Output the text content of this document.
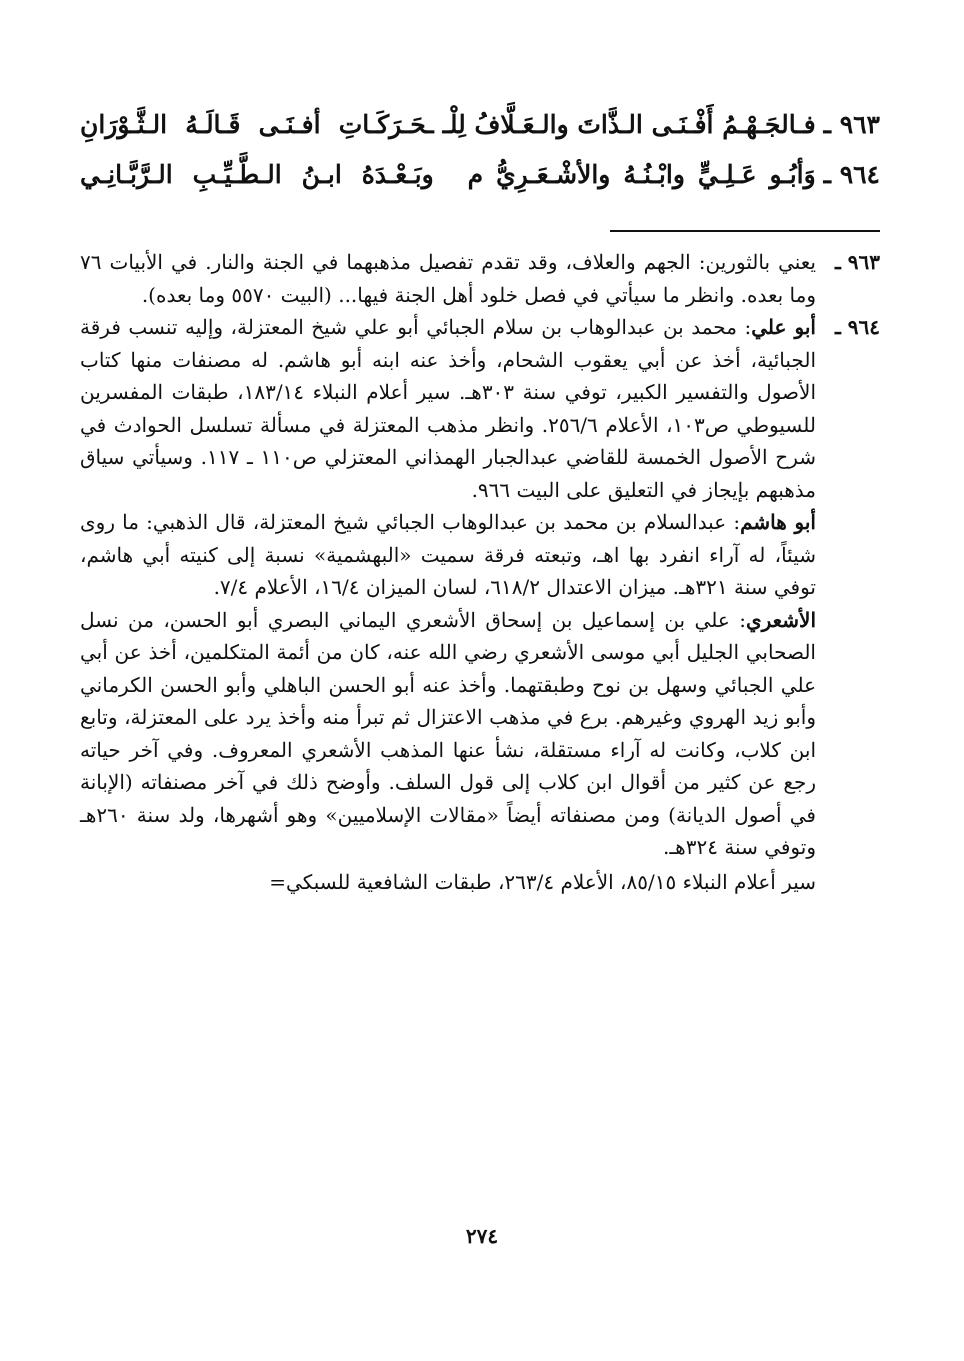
٩٦٣ ـ
فـالجَـهْـمُ أَفْـنَـى الـذَّاتَ والـعَـلَّافُ لِلْـ
ـحَـرَكَـاتِ أفـنَـى قَـالَـهُ الـثَّـوْرَانِ
٩٦٤ ـ
وَأبُـو عَـلِـيٍّ وابْـنُـهُ والأشْـعَـرِيُّ م
وبَـعْـدَهُ ابـنُ الـطَّـيِّـبِ الـرَّبَّـانِـي
٩٦٣ ـ

يعني بالثورين: الجهم والعلاف، وقد تقدم تفصيل مذهبهما في الجنة والنار. في الأبيات ٧٦ وما بعده. وانظر ما سيأتي في فصل خلود أهل الجنة فيها... (البيت ٥٥٧٠ وما بعده).

٩٦٤ ـ

أبو علي: محمد بن عبدالوهاب بن سلام الجبائي أبو علي شيخ المعتزلة، وإليه تنسب فرقة الجبائية، أخذ عن أبي يعقوب الشحام، وأخذ عنه ابنه أبو هاشم. له مصنفات منها كتاب الأصول والتفسير الكبير، توفي سنة ٣٠٣هـ. سير أعلام النبلاء ١٨٣/١٤، طبقات المفسرين للسيوطي ص١٠٣، الأعلام ٢٥٦/٦. وانظر مذهب المعتزلة في مسألة تسلسل الحوادث في شرح الأصول الخمسة للقاضي عبدالجبار الهمذاني المعتزلي ص١١٠ ـ ١١٧. وسيأتي سياق مذهبهم بإيجاز في التعليق على البيت ٩٦٦.

أبو هاشم: عبدالسلام بن محمد بن عبدالوهاب الجبائي شيخ المعتزلة، قال الذهبي: ما روى شيئاً، له آراء انفرد بها اهـ، وتبعته فرقة سميت «البهشمية» نسبة إلى كنيته أبي هاشم، توفي سنة ٣٢١هـ. ميزان الاعتدال ٦١٨/٢، لسان الميزان ١٦/٤، الأعلام ٧/٤.

الأشعري: علي بن إسماعيل بن إسحاق الأشعري اليماني البصري أبو الحسن، من نسل الصحابي الجليل أبي موسى الأشعري رضي الله عنه، كان من أئمة المتكلمين، أخذ عن أبي علي الجبائي وسهل بن نوح وطبقتهما. وأخذ عنه أبو الحسن الباهلي وأبو الحسن الكرماني وأبو زيد الهروي وغيرهم. برع في مذهب الاعتزال ثم تبرأ منه وأخذ يرد على المعتزلة، وتابع ابن كلاب، وكانت له آراء مستقلة، نشأ عنها المذهب الأشعري المعروف. وفي آخر حياته رجع عن كثير من أقوال ابن كلاب إلى قول السلف. وأوضح ذلك في آخر مصنفاته (الإبانة في أصول الديانة) ومن مصنفاته أيضاً «مقالات الإسلاميين» وهو أشهرها، ولد سنة ٢٦٠هـ وتوفي سنة ٣٢٤هـ.

سير أعلام النبلاء ٨٥/١٥، الأعلام ٢٦٣/٤، طبقات الشافعية للسبكي=

٢٧٤
